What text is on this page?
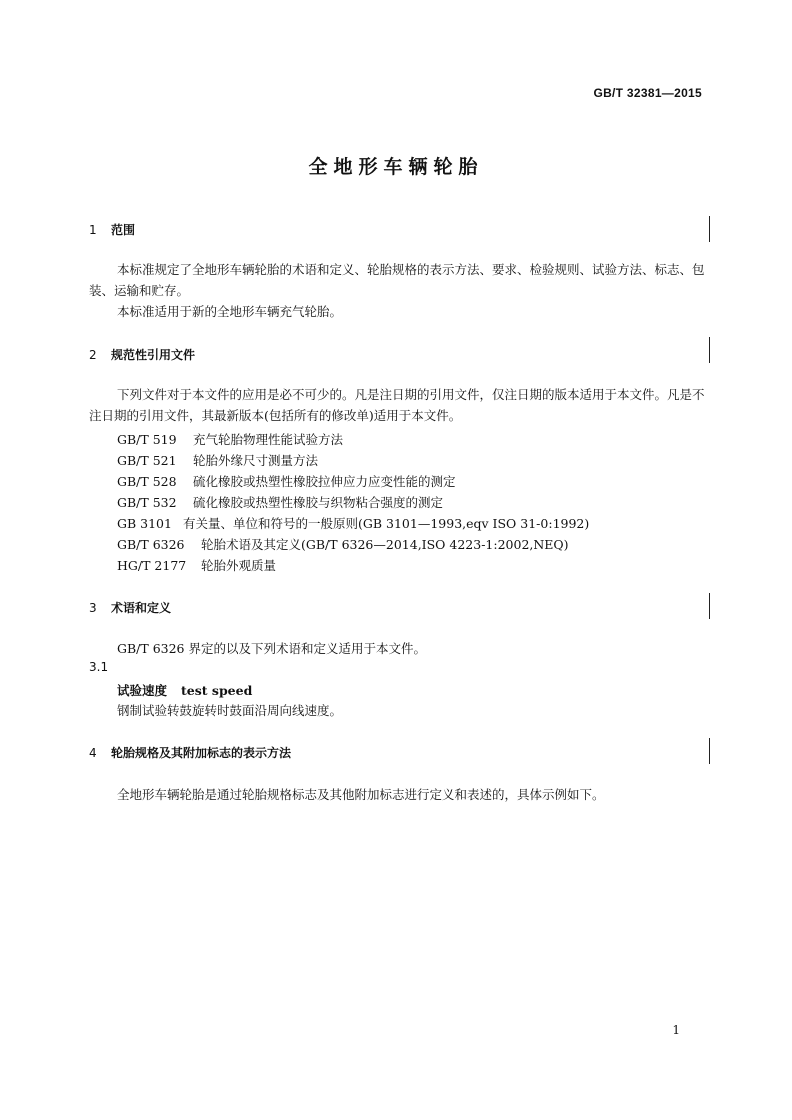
GB/T 32381—2015
全地形车辆轮胎
1 范围
本标准规定了全地形车辆轮胎的术语和定义、轮胎规格的表示方法、要求、检验规则、试验方法、标志、包装、运输和贮存。
本标准适用于新的全地形车辆充气轮胎。
2 规范性引用文件
下列文件对于本文件的应用是必不可少的。凡是注日期的引用文件，仅注日期的版本适用于本文件。凡是不注日期的引用文件，其最新版本(包括所有的修改单)适用于本文件。
GB/T 519 充气轮胎物理性能试验方法
GB/T 521 轮胎外缘尺寸测量方法
GB/T 528 硫化橡胶或热塑性橡胶拉伸应力应变性能的测定
GB/T 532 硫化橡胶或热塑性橡胶与织物粘合强度的测定
GB 3101 有关量、单位和符号的一般原则(GB 3101—1993,eqv ISO 31-0:1992)
GB/T 6326 轮胎术语及其定义(GB/T 6326—2014,ISO 4223-1:2002,NEQ)
HG/T 2177 轮胎外观质量
3 术语和定义
GB/T 6326 界定的以及下列术语和定义适用于本文件。
3.1
试验速度 test speed
钢制试验转鼓旋转时鼓面沿周向线速度。
4 轮胎规格及其附加标志的表示方法
全地形车辆轮胎是通过轮胎规格标志及其他附加标志进行定义和表述的，具体示例如下。
1
